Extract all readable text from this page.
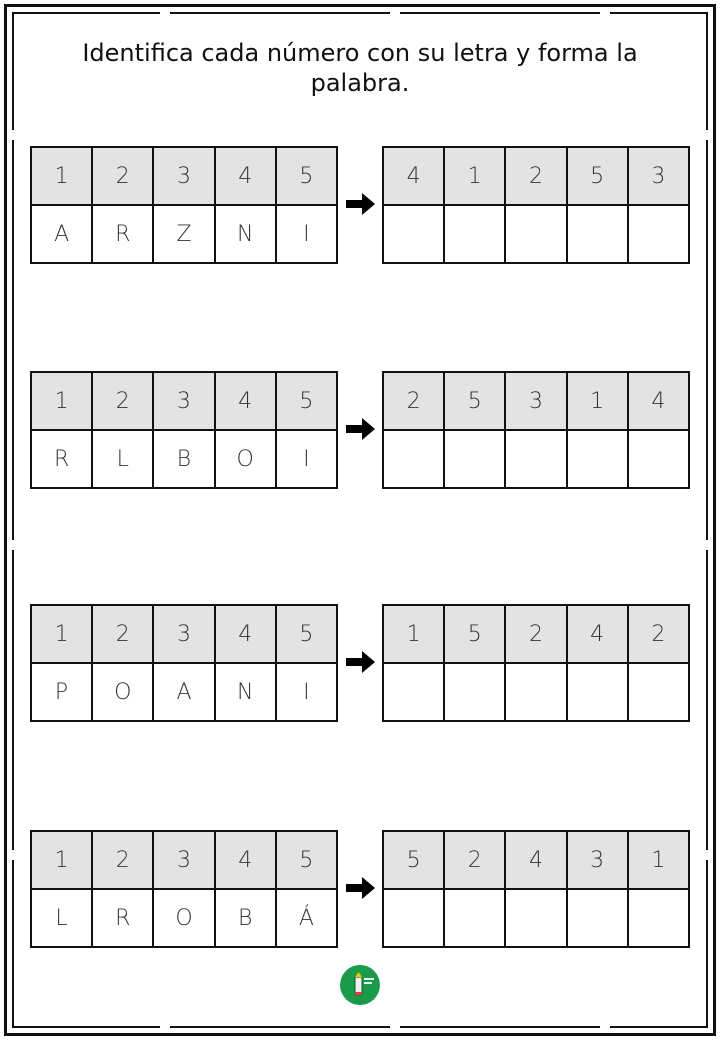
Identifica cada número con su letra y forma la palabra.
1	2	3	4	5
A	R	Z	N	I
4	1	2	5	3

1	2	3	4	5
R	L	B	O	I
2	5	3	1	4

1	2	3	4	5
P	O	A	N	I
1	5	2	4	2

1	2	3	4	5
L	R	O	B	Á
5	2	4	3	1
